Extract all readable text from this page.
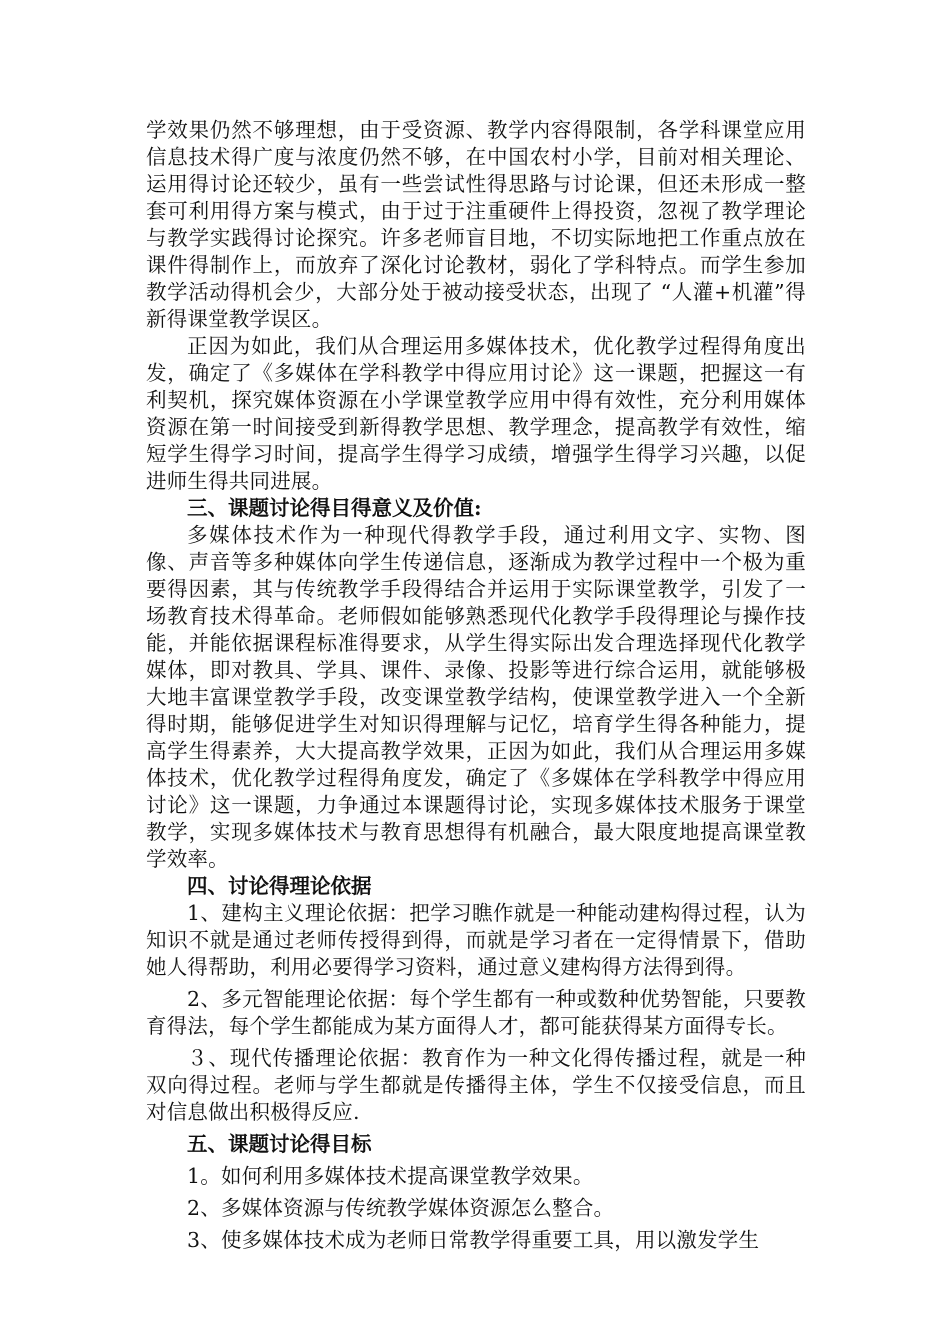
学效果仍然不够理想，由于受资源、教学内容得限制，各学科课堂应用信息技术得广度与浓度仍然不够，在中国农村小学，目前对相关理论、运用得讨论还较少，虽有一些尝试性得思路与讨论课，但还未形成一整套可利用得方案与模式，由于过于注重硬件上得投资，忽视了教学理论与教学实践得讨论探究。许多老师盲目地，不切实际地把工作重点放在课件得制作上，而放弃了深化讨论教材，弱化了学科特点。而学生参加教学活动得机会少，大部分处于被动接受状态，出现了 “人灌+机灌”得新得课堂教学误区。

正因为如此，我们从合理运用多媒体技术，优化教学过程得角度出发，确定了《多媒体在学科教学中得应用讨论》这一课题，把握这一有利契机，探究媒体资源在小学课堂教学应用中得有效性，充分利用媒体资源在第一时间接受到新得教学思想、教学理念，提高教学有效性，缩短学生得学习时间，提高学生得学习成绩，增强学生得学习兴趣，以促进师生得共同进展。

三、课题讨论得目得意义及价值:

多媒体技术作为一种现代得教学手段，通过利用文字、实物、图像、声音等多种媒体向学生传递信息，逐渐成为教学过程中一个极为重要得因素，其与传统教学手段得结合并运用于实际课堂教学，引发了一场教育技术得革命。老师假如能够熟悉现代化教学手段得理论与操作技能，并能依据课程标准得要求，从学生得实际出发合理选择现代化教学媒体，即对教具、学具、课件、录像、投影等进行综合运用，就能够极大地丰富课堂教学手段，改变课堂教学结构，使课堂教学进入一个全新得时期，能够促进学生对知识得理解与记忆，培育学生得各种能力，提高学生得素养，大大提高教学效果，正因为如此，我们从合理运用多媒体技术，优化教学过程得角度发，确定了《多媒体在学科教学中得应用讨论》这一课题，力争通过本课题得讨论，实现多媒体技术服务于课堂教学，实现多媒体技术与教育思想得有机融合，最大限度地提高课堂教学效率。

四、讨论得理论依据

1、建构主义理论依据：把学习瞧作就是一种能动建构得过程，认为知识不就是通过老师传授得到得，而就是学习者在一定得情景下，借助她人得帮助，利用必要得学习资料，通过意义建构得方法得到得。

2、多元智能理论依据：每个学生都有一种或数种优势智能，只要教育得法，每个学生都能成为某方面得人才，都可能获得某方面得专长。

３、现代传播理论依据：教育作为一种文化得传播过程，就是一种双向得过程。老师与学生都就是传播得主体，学生不仅接受信息，而且对信息做出积极得反应.

五、课题讨论得目标

1。如何利用多媒体技术提高课堂教学效果。

2、多媒体资源与传统教学媒体资源怎么整合。

3、使多媒体技术成为老师日常教学得重要工具，用以激发学生
